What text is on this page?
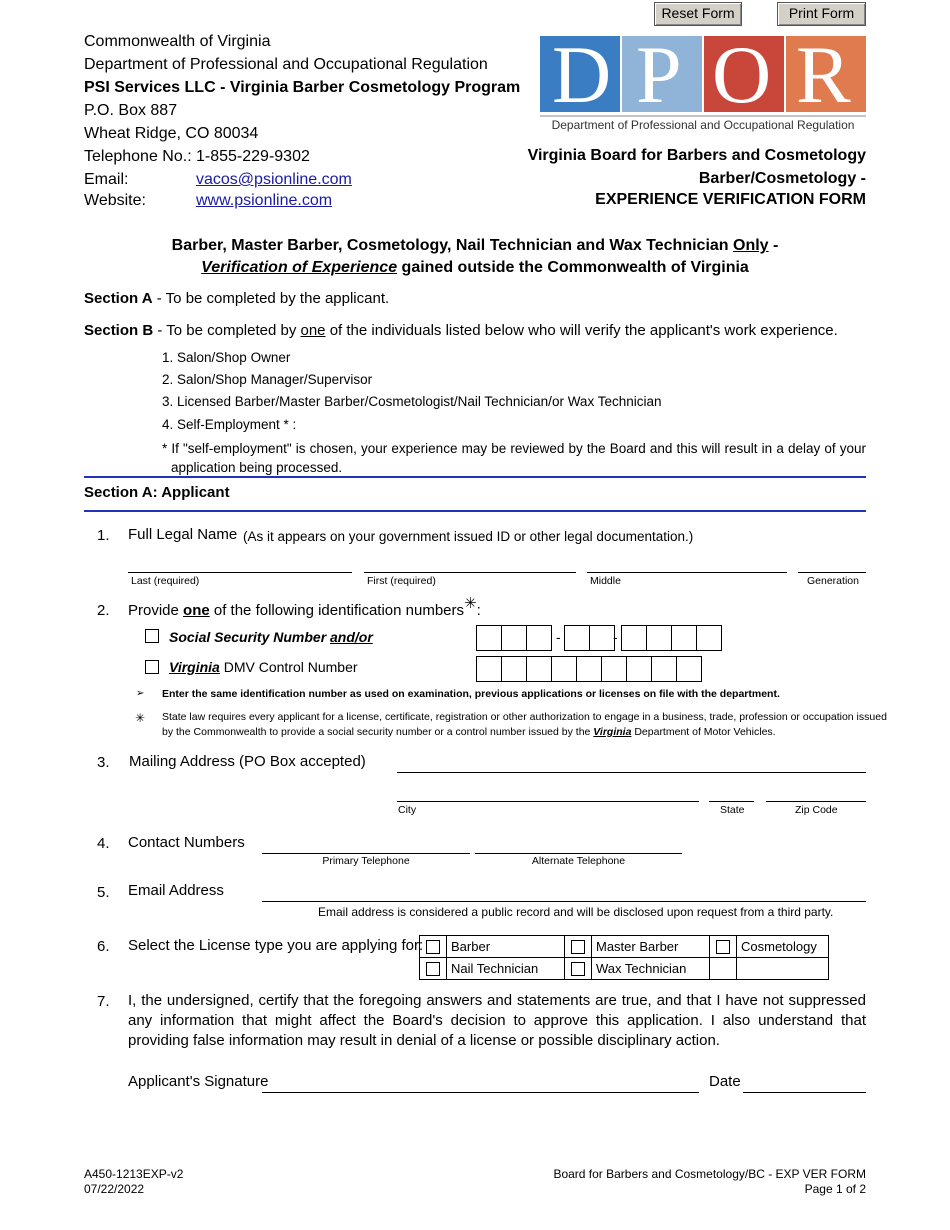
Reset Form	Print Form
Commonwealth of Virginia
Department of Professional and Occupational Regulation
PSI Services LLC - Virginia Barber Cosmetology Program
P.O. Box 887
Wheat Ridge, CO 80034
Telephone No.: 1-855-229-9302
Email:	vacos@psionline.com
Website:	www.psionline.com
D P O R
Department of Professional and Occupational Regulation
Virginia Board for Barbers and Cosmetology
Barber/Cosmetology -
EXPERIENCE VERIFICATION FORM
Barber, Master Barber, Cosmetology, Nail Technician and Wax Technician Only -
Verification of Experience gained outside the Commonwealth of Virginia
Section A - To be completed by the applicant.
Section B - To be completed by one of the individuals listed below who will verify the applicant's work experience.
1. Salon/Shop Owner
2. Salon/Shop Manager/Supervisor
3. Licensed Barber/Master Barber/Cosmetologist/Nail Technician/or Wax Technician
4. Self-Employment * :
* If "self-employment" is chosen, your experience may be reviewed by the Board and this will result in a delay of your
application being processed.
Section A: Applicant
1. Full Legal Name (As it appears on your government issued ID or other legal documentation.)
Last (required)	First (required)	Middle	Generation
2. Provide one of the following identification numbers✳:
Social Security Number and/or	-	-
Virginia DMV Control Number
➢ Enter the same identification number as used on examination, previous applications or licenses on file with the department.
✳ State law requires every applicant for a license, certificate, registration or other authorization to engage in a business, trade, profession or occupation issued
by the Commonwealth to provide a social security number or a control number issued by the Virginia Department of Motor Vehicles.
3. Mailing Address (PO Box accepted)
City	State	Zip Code
4. Contact Numbers
Primary Telephone	Alternate Telephone
5. Email Address
Email address is considered a public record and will be disclosed upon request from a third party.
6. Select the License type you are applying for:
	Barber		Master Barber		Cosmetology
	Nail Technician		Wax Technician		
7. I, the undersigned, certify that the foregoing answers and statements are true, and that I have not suppressed any information that might affect the Board's decision to approve this application. I also understand that providing false information may result in denial of a license or possible disciplinary action.
Applicant's Signature	Date
A450-1213EXP-v2
07/22/2022
Board for Barbers and Cosmetology/BC - EXP VER FORM
Page 1 of 2
